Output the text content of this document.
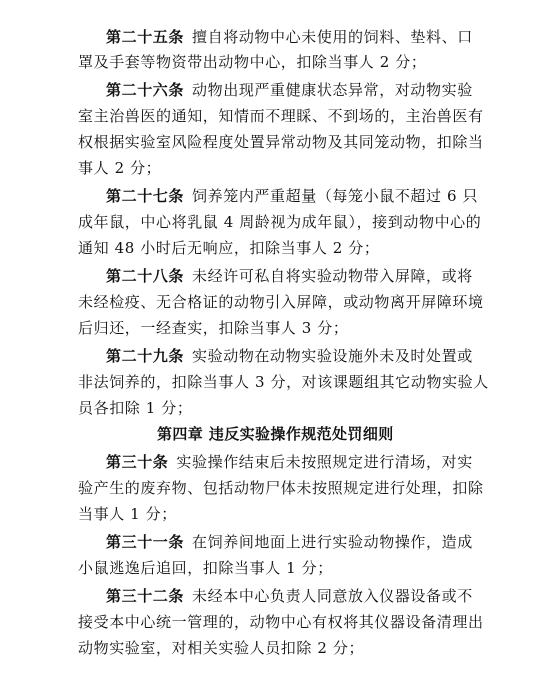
第二十五条 擅自将动物中心未使用的饲料、垫料、口
罩及手套等物资带出动物中心，扣除当事人 2 分；
第二十六条 动物出现严重健康状态异常，对动物实验
室主治兽医的通知，知情而不理睬、不到场的，主治兽医有
权根据实验室风险程度处置异常动物及其同笼动物，扣除当
事人 2 分；
第二十七条 饲养笼内严重超量（每笼小鼠不超过 6 只
成年鼠，中心将乳鼠 4 周龄视为成年鼠），接到动物中心的
通知 48 小时后无响应，扣除当事人 2 分；
第二十八条 未经许可私自将实验动物带入屏障，或将
未经检疫、无合格证的动物引入屏障，或动物离开屏障环境
后归还，一经查实，扣除当事人 3 分；
第二十九条 实验动物在动物实验设施外未及时处置或
非法饲养的，扣除当事人 3 分，对该课题组其它动物实验人
员各扣除 1 分；
第四章 违反实验操作规范处罚细则
第三十条 实验操作结束后未按照规定进行清场，对实
验产生的废弃物、包括动物尸体未按照规定进行处理，扣除
当事人 1 分；
第三十一条 在饲养间地面上进行实验动物操作，造成
小鼠逃逸后追回，扣除当事人 1 分；
第三十二条 未经本中心负责人同意放入仪器设备或不
接受本中心统一管理的，动物中心有权将其仪器设备清理出
动物实验室，对相关实验人员扣除 2 分；
